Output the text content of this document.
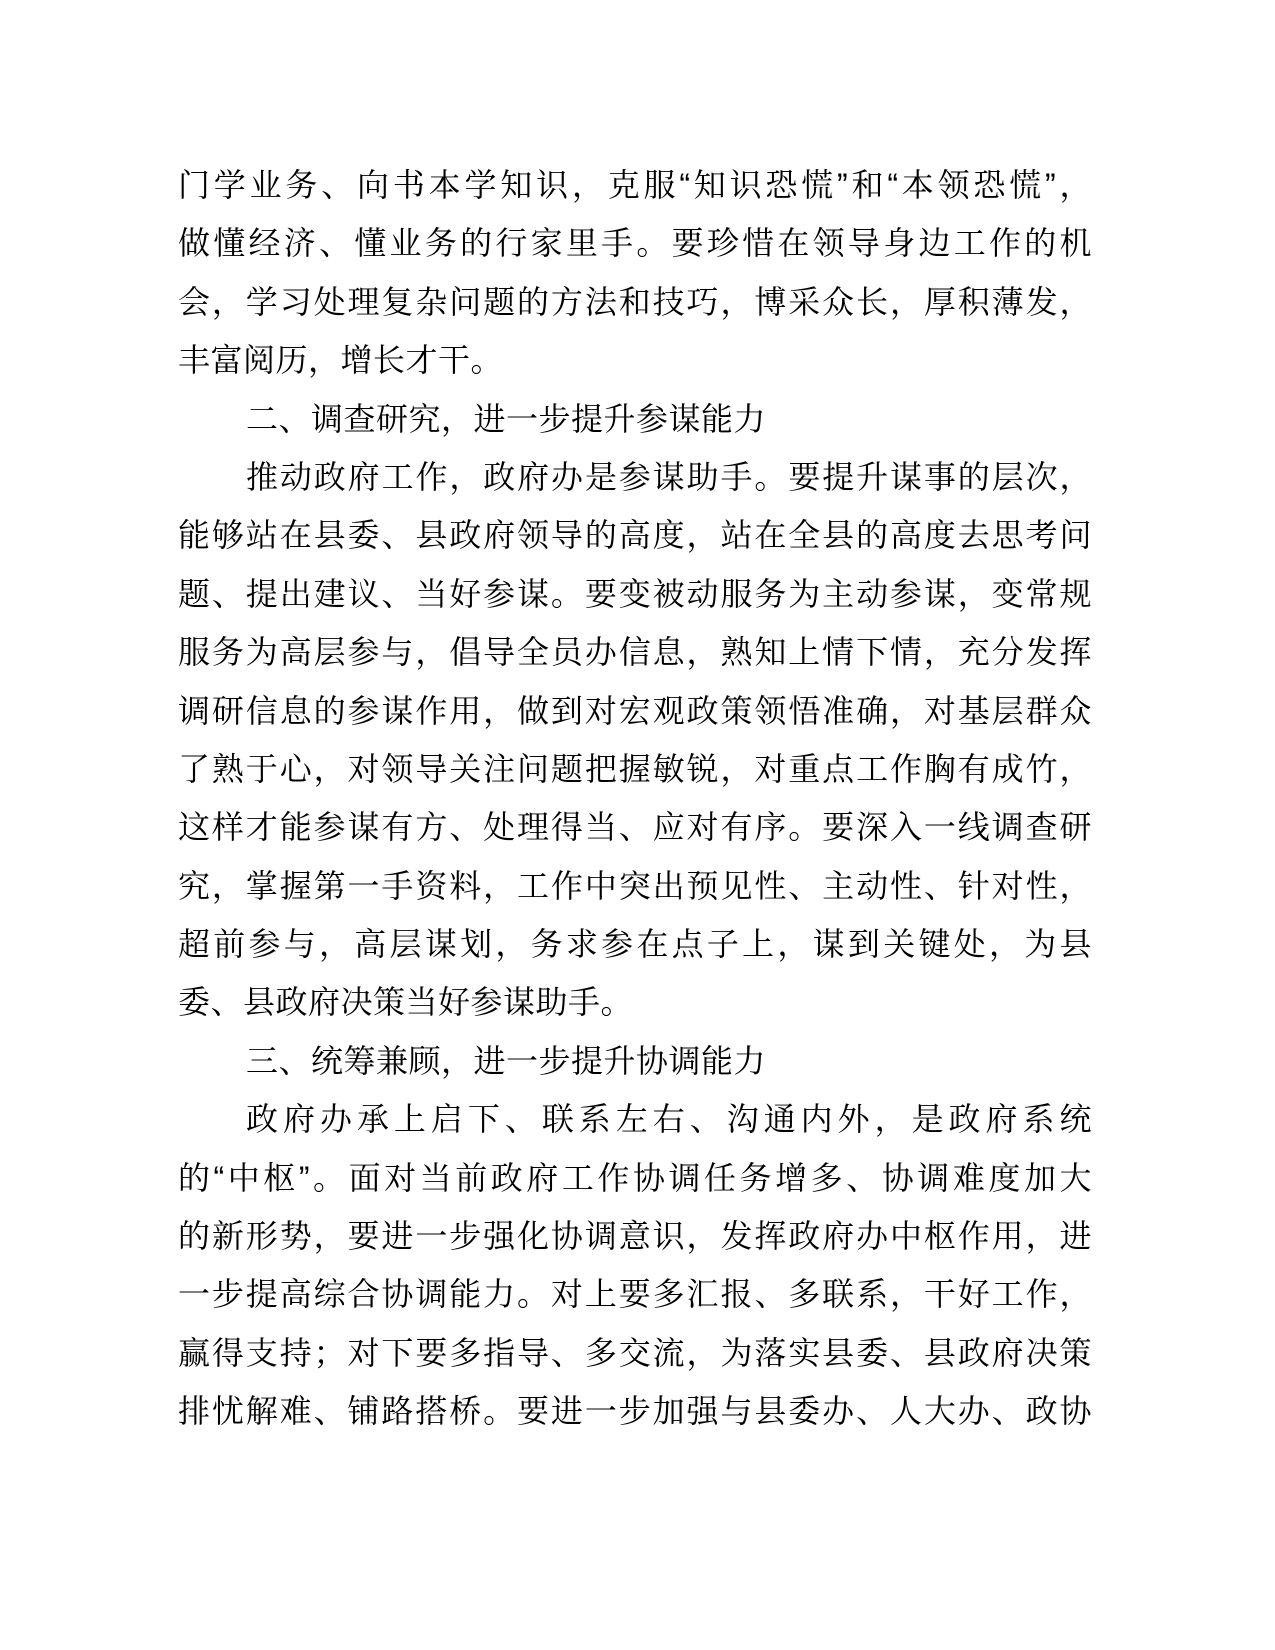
门学业务、向书本学知识，克服“知识恐慌”和“本领恐慌”，
做懂经济、懂业务的行家里手。要珍惜在领导身边工作的机
会，学习处理复杂问题的方法和技巧，博采众长，厚积薄发，
丰富阅历，增长才干。
二、调查研究，进一步提升参谋能力
推动政府工作，政府办是参谋助手。要提升谋事的层次，
能够站在县委、县政府领导的高度，站在全县的高度去思考问
题、提出建议、当好参谋。要变被动服务为主动参谋，变常规
服务为高层参与，倡导全员办信息，熟知上情下情，充分发挥
调研信息的参谋作用，做到对宏观政策领悟准确，对基层群众
了熟于心，对领导关注问题把握敏锐，对重点工作胸有成竹，
这样才能参谋有方、处理得当、应对有序。要深入一线调查研
究，掌握第一手资料，工作中突出预见性、主动性、针对性，
超前参与，高层谋划，务求参在点子上，谋到关键处，为县
委、县政府决策当好参谋助手。
三、统筹兼顾，进一步提升协调能力
政府办承上启下、联系左右、沟通内外，是政府系统
的“中枢”。面对当前政府工作协调任务增多、协调难度加大
的新形势，要进一步强化协调意识，发挥政府办中枢作用，进
一步提高综合协调能力。对上要多汇报、多联系，干好工作，
赢得支持；对下要多指导、多交流，为落实县委、县政府决策
排忧解难、铺路搭桥。要进一步加强与县委办、人大办、政协
